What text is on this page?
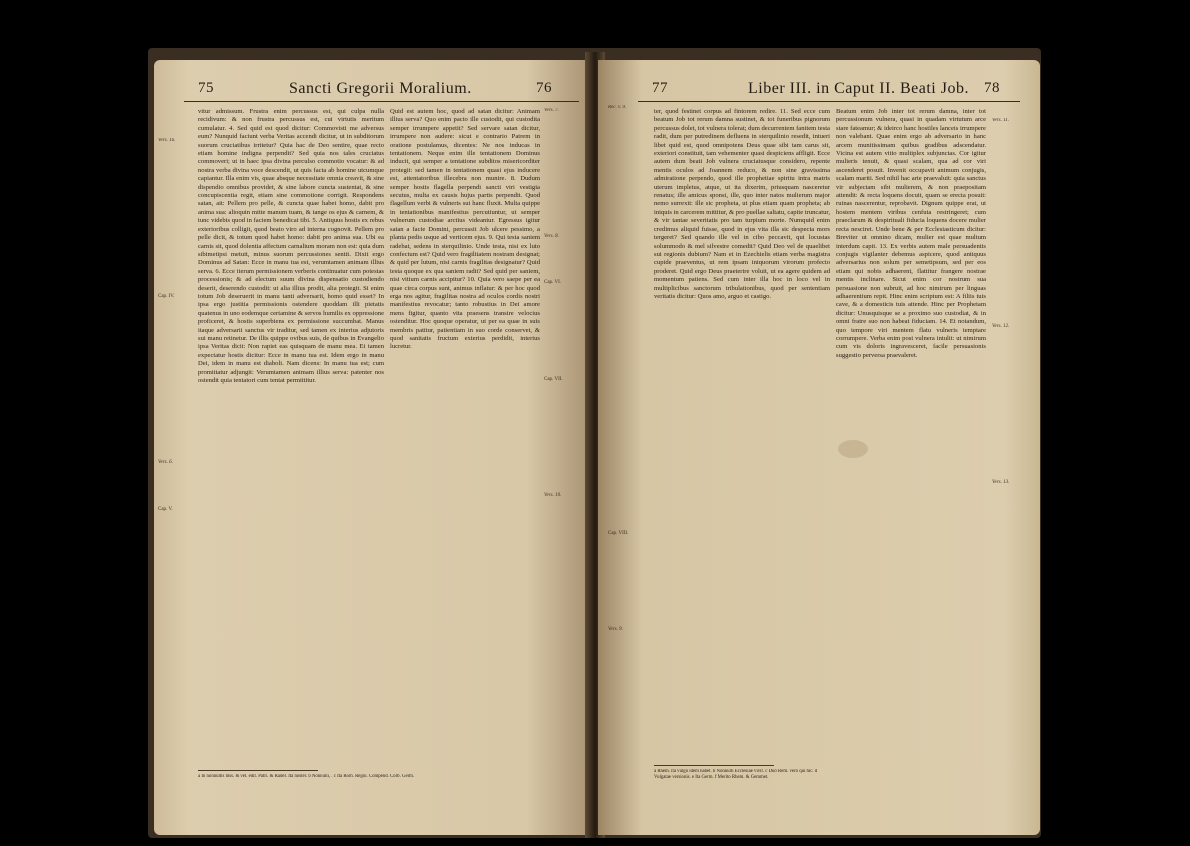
75	Sancti Gregorii Moralium.	76
Vers. 16.
Cap. IV.
Vers. 6.
Cap. V.

vitur admissum. Frustra enim percussus est, qui culpa nulla recidivum: & non frustra percussus est, cui virtutis meritum cumulatur. 4. Sed quid est quod dicitur: Commovisti me adversus eum? Nunquid faciunt verba Veritas accendi dicitur, ut in subditorum suorum cruciatibus irritetur? Quia hac de Deo sentire, quae recto etiam homine indigna perpendit? Sed quia nos tales cruciatus commoveri; ut in haec ipsa divina perculso commotio vocatur: & ad nostra verba divina voce descendit, ut quis facta ab homine utcumque capiantur. Illa enim vis, quae absque necessitate omnia creavit, & sine dispendio omnibus providet, & sine labore cuncta sustentat, & sine concupiscentia regit, etiam sine commotione corrigit. Respondens satan, ait: Pellem pro pelle, & cuncta quae habet homo, dabit pro anima sua: alioquin mitte manum tuam, & tange os ejus & carnem, & tunc videbis quod in faciem benedicat tibi. 5. Antiquus hostis ex rebus exterioribus colligit, quod beato viro ad interna cognovit. Pellem pro pelle dicit, & totum quod habet homo: dabit pro anima sua. Ubi ea carnis sit, quod dolentia affectum carnalium moram non est: quia dum sibimetipsi metuit, minus suorum percussiones sentit. Dixit ergo Dominus ad Satan: Ecce in manu tua est, verumtamen animam illius serva. 6. Ecce iterum permissionem verberis continuatur cum potestas processionis; & ad electum suum divina dispensatio custodiendo deserit, deserendo custodit: ut alia illius prodit, alia protegit. Si enim totum Job deseruerit in manu tanti adversarii, homo quid esset? In ipsa ergo justitia permissionis ostendere quoddam illi pietatis quatenus in uno eodemque certamine & servos humilis ex oppressione proficeret, & hostis superbiens ex permissione succumbat. Manus itaque adversarii sanctus vir traditur, sed tamen ex interius adjutoris sui manu retinetur. De illis quippe ovibus suis, de quibus in Evangelio ipsa Veritas dicit: Non rapiet eas quisquam de manu mea. Et tamen expectatur hostis dicitur: Ecce in manu tua est. Idem ergo in manu Dei, idem in manu est diaboli. Nam dicens: In manu tua est; cum promittatur adjungit: Verumtamen animam illius serva: patenter nos ostendit quia tentatori cum tentat permittitur.

Quid est autem hoc, quod ad satan dicitur: Animam illius serva? Quo enim pacto ille custodit, qui custodita semper irrumpere appetit? Sed servare satan dicitur, irrumpere non audere: sicut e contrario Patrem in oratione postulamus, dicentes: Ne nos inducas in tentationem. Neque enim ille tentationem Dominus inducit, qui semper a tentatione subditos misericorditer protegit: sed tamen in tentationem quasi ejus inducere est, attentatoribus illecebra non munire. 8. Dudum semper hostis flagella perpendi sancti viri vestigia secutus, multa ex causis hujus partis perpendit. Quod flagellum verbi & vulneris sui hanc fluxit. Multa quippe in tentationibus manifestius percutiuntur, ut semper vulnerum custodiae arctius videantur. Egressus igitur satan a facie Domini, percussit Job ulcere pessimo, a planta pedis usque ad verticem ejus. 9. Qui testa saniem radebat, sedens in sterquilinio. Unde testa, nisi ex luto confectum est? Quid vero fragilitatem nostram designat; & quid per lutum, nisi carnis fragilitas designatur? Quid testa quoque ex qua saniem radit? Sed quid per saniem, nisi vitium carnis accipitur? 10. Quia vero saepe per ea quae circa corpus sunt, animus inflatur: & per hoc quod erga nos agitur, fragilitas nostra ad oculos cordis nostri manifestius revocatur; tanto robustius in Dei amore mens figitur, quanto vita praesens transire velocius ostenditur. Hoc quoque operatur, ut per ea quae in suis membris patitur, patientiam in suo corde conservet, & quod sanitatis fructum exterius perdidit, interius lucretur.

Vers. 7.
Vers. 8.
Cap. VI.
Cap. VII.
Vers. 10.
a In nonnullis mss. & vet. edit. Patri. & Radel. Ita noster. b Nonnulli, . c Ita Rom. Regni. Compend. Corb. Germ.
77	Liber III. in Caput II. Beati Job. 78
Rec. v. 9.
Cap. VIII.
Vers. 9.

ter, quod festinet corpus ad fintorem redire. 11. Sed ecce cum beatum Job tot rerum damna sustinet, & tot funeribus pignorum percussus dolet, tot vulnera tolerat; dum decurrentem fanitem testa radit, dum per putredinem defluens in sterquilinio resedit, intueri libet quid est, quod omnipotens Deus quae sibi tam carus sit, exteriori constituit, tam vehementer quasi despiciens affligit. Ecce autem dum beati Job vulnera cruciatusque considero, repente mentis oculos ad Joannem reduco, & non sine gravissima admiratione perpendo, quod ille prophetiae spiritu intra matris uterum impletus, atque, ut ita dixerim, priusquam nasceretur renatus; ille amicus sponsi, ille, quo inter natos mulierum major nemo surrexit: ille sic propheta, ut plus etiam quam propheta; ab iniquis in carcerem mittitur, & pro puellae saltatu, capite truncatur, & vir tantae severitatis pro tam turpium morte. Numquid enim credimus aliquid fuisse, quod in ejus vita illa sic despecta mors tergeret? Sed quando ille vel in cibo peccavit, qui locustas solummodo & mel silvestre comedit? Quid Deo vel de quaelibet sui regionis dubium? Nam et in Ezechielis etiam verba magistra cupide praeventus, ut rem ipsam iniquorum virorum profecto proderet. Quid ergo Deus praeterire voluit, ut ea agere quidem ad momentum patiens. Sed cum inter illa hoc in loco vel in multiplicibus sanctorum tribulationibus, quod per sententiam veritatis dicitur: Quos amo, arguo et castigo.

Beatum enim Job inter tot rerum damna, inter tot percussionum vulnera, quasi in quadam virtutum arce stare fateamur; & ideirco hanc hostiles lanceis irrumpere non valebant. Quae enim ergo ab adversario in hanc arcem munitissimam quibus gradibus adscendatur. Vicina est autem vitio multiplex subjunctas. Cor igitur mulieris tenuit, & quasi scalam, qua ad cor viri ascenderet posuit. Invenit occupavit animum conjugis, scalam mariti. Sed nihil hac arte praevaluit: quia sanctus vir subjectam sibi mulierem, & non praepositam attendit: & recta loquens docuit, quam se erecta posuit: ruinas nascerentur, reprobavit. Dignum quippe erat, ut hostem mentem viribus cenfuta restringeret; cum praeclarum & despirituali fiducia loquens docere mulier recta nesciret. Unde bene & per Ecclesiasticum dicitur: Breviter ut omnino dicam, mulier est quae multum interdum capit. 13. Ex verbis autem male persuadentis conjugis vigilanter debemus aspicere, quod antiquus adversarius non solum per semetipsum, sed per eos etiam qui nobis adhaerent, flattitur frangere nostrae mentis inclinare. Sicut enim cor nostrum sua persuasione non subruit, ad hoc nimirum per linguas adhaerentium repit. Hinc enim scriptum est: A filiis tuis cave, & a domesticis tuis attende. Hinc per Prophetam dicitur: Unusquisque se a proximo suo custodiat, & in omni fratre suo non habeat fiduciam. 14. Et notandum, quo tempore viri mentem flatu vulneris temptare corrumpere. Verba enim post vulnera intulit: ut nimirum cum vis doloris ingravesceret, facile persuasionis suggestio perversa praevaleret.

Vers. 11.
Vers. 12.
Vers. 13.
a Rhem. ita vulgo idem habet. b Nonnulli Ecclesiae vivit. c Duo Rem. vero qui hic. d Vulgatae versionis. e Ita Germ. f Merito Rhem. & Gemmet.
